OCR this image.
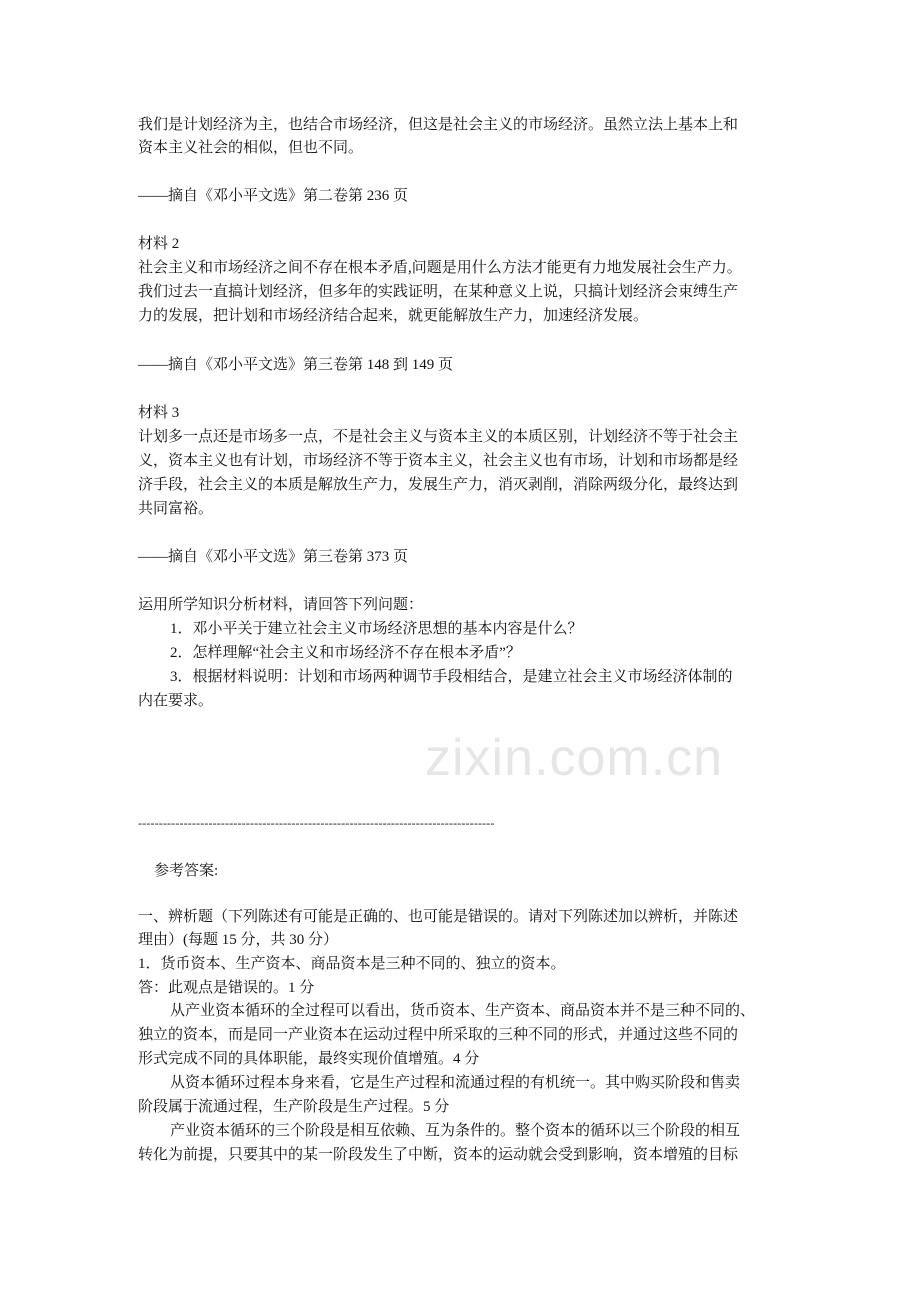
zixin.com.cn
我们是计划经济为主，也结合市场经济，但这是社会主义的市场经济。虽然立法上基本上和
资本主义社会的相似，但也不同。
——摘自《邓小平文选》第二卷第 236 页
材料 2
社会主义和市场经济之间不存在根本矛盾,问题是用什么方法才能更有力地发展社会生产力。
我们过去一直搞计划经济，但多年的实践证明，在某种意义上说，只搞计划经济会束缚生产
力的发展，把计划和市场经济结合起来，就更能解放生产力，加速经济发展。
——摘自《邓小平文选》第三卷第 148 到 149 页
材料 3
计划多一点还是市场多一点，不是社会主义与资本主义的本质区别，计划经济不等于社会主
义，资本主义也有计划，市场经济不等于资本主义，社会主义也有市场，计划和市场都是经
济手段，社会主义的本质是解放生产力，发展生产力，消灭剥削，消除两级分化，最终达到
共同富裕。
——摘自《邓小平文选》第三卷第 373 页
运用所学知识分析材料，请回答下列问题：
1．邓小平关于建立社会主义市场经济思想的基本内容是什么？
2．怎样理解“社会主义和市场经济不存在根本矛盾”？
3．根据材料说明：计划和市场两种调节手段相结合，是建立社会主义市场经济体制的
内在要求。
--------------------------------------------------------------------------------------
参考答案:
一、辨析题（下列陈述有可能是正确的、也可能是错误的。请对下列陈述加以辨析，并陈述
理由）(每题 15 分，共 30 分）
1．货币资本、生产资本、商品资本是三种不同的、独立的资本。
答：此观点是错误的。1 分
从产业资本循环的全过程可以看出，货币资本、生产资本、商品资本并不是三种不同的、
独立的资本，而是同一产业资本在运动过程中所采取的三种不同的形式，并通过这些不同的
形式完成不同的具体职能，最终实现价值增殖。4 分
从资本循环过程本身来看，它是生产过程和流通过程的有机统一。其中购买阶段和售卖
阶段属于流通过程，生产阶段是生产过程。5 分
产业资本循环的三个阶段是相互依赖、互为条件的。整个资本的循环以三个阶段的相互
转化为前提，只要其中的某一阶段发生了中断，资本的运动就会受到影响，资本增殖的目标
